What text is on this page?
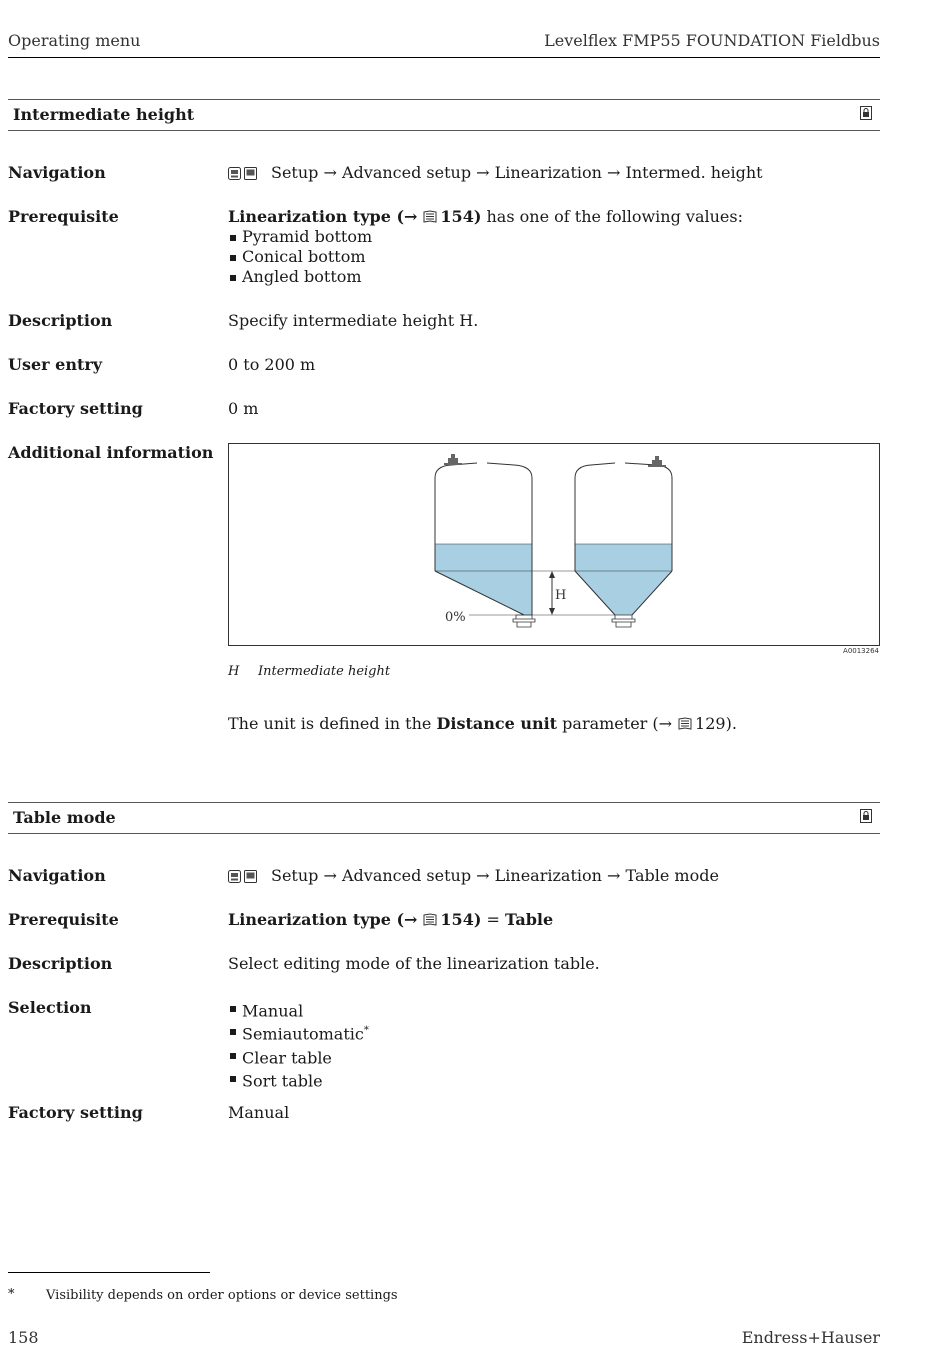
Operating menu	Levelflex FMP55 FOUNDATION Fieldbus
Intermediate height
Navigation	Setup → Advanced setup → Linearization → Intermed. height
Prerequisite	Linearization type (→ 154) has one of the following values:
Pyramid bottom
Conical bottom
Angled bottom
Description	Specify intermediate height H.
User entry	0 to 200 m
Factory setting	0 m
Additional information
H
0%
A0013264
H Intermediate height
The unit is defined in the Distance unit parameter (→ 129).
Table mode
Navigation	Setup → Advanced setup → Linearization → Table mode
Prerequisite	Linearization type (→ 154) = Table
Description	Select editing mode of the linearization table.
Selection	Manual
Semiautomatic*
Clear table
Sort table
Factory setting	Manual
* Visibility depends on order options or device settings
158	Endress+Hauser
